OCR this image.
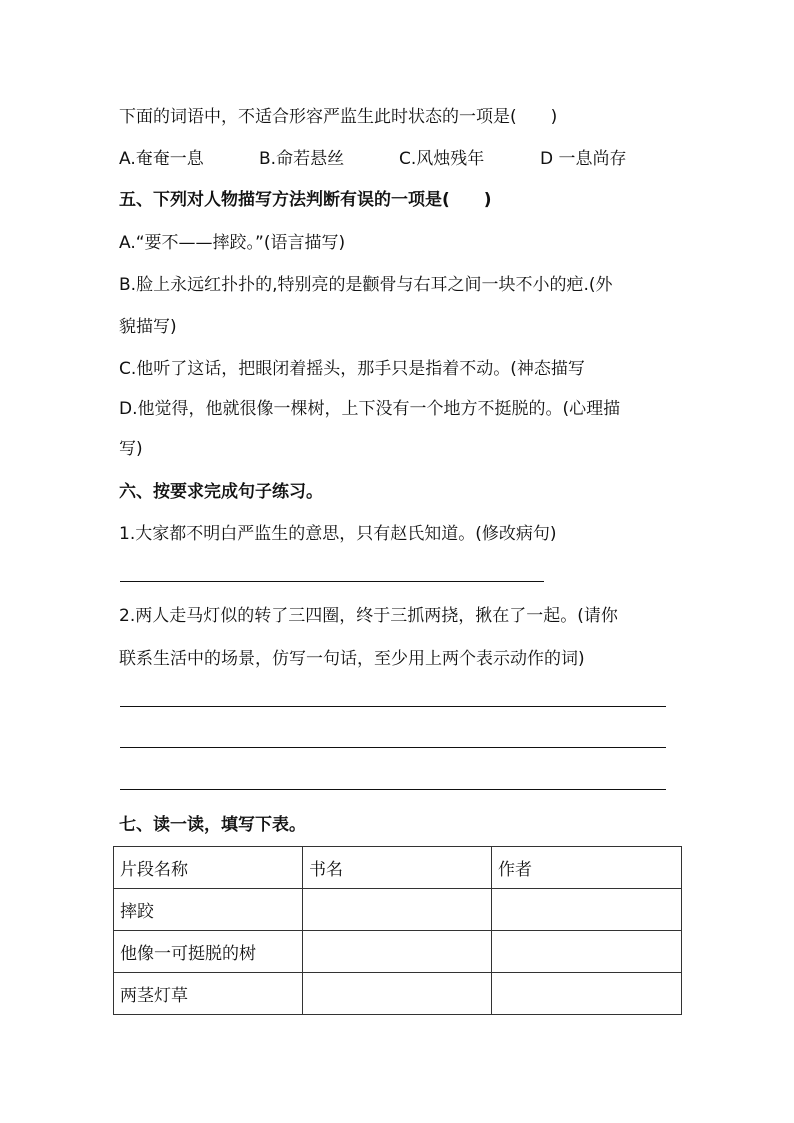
下面的词语中，不适合形容严监生此时状态的一项是(　　)
A.奄奄一息	B.命若悬丝	C.风烛残年	D 一息尚存
五、下列对人物描写方法判断有误的一项是(　　)
A.“要不——摔跤。”(语言描写)
B.脸上永远红扑扑的,特别亮的是颧骨与右耳之间一块不小的疤.(外
貌描写)
C.他听了这话，把眼闭着摇头，那手只是指着不动。(神态描写
D.他觉得，他就很像一棵树，上下没有一个地方不挺脱的。(心理描
写)
六、按要求完成句子练习。
1.大家都不明白严监生的意思，只有赵氏知道。(修改病句)
2.两人走马灯似的转了三四圈，终于三抓两挠，揪在了一起。(请你
联系生活中的场景，仿写一句话，至少用上两个表示动作的词)
七、读一读，填写下表。
片段名称	书名	作者
摔跤		
他像一可挺脱的树		
两茎灯草		
